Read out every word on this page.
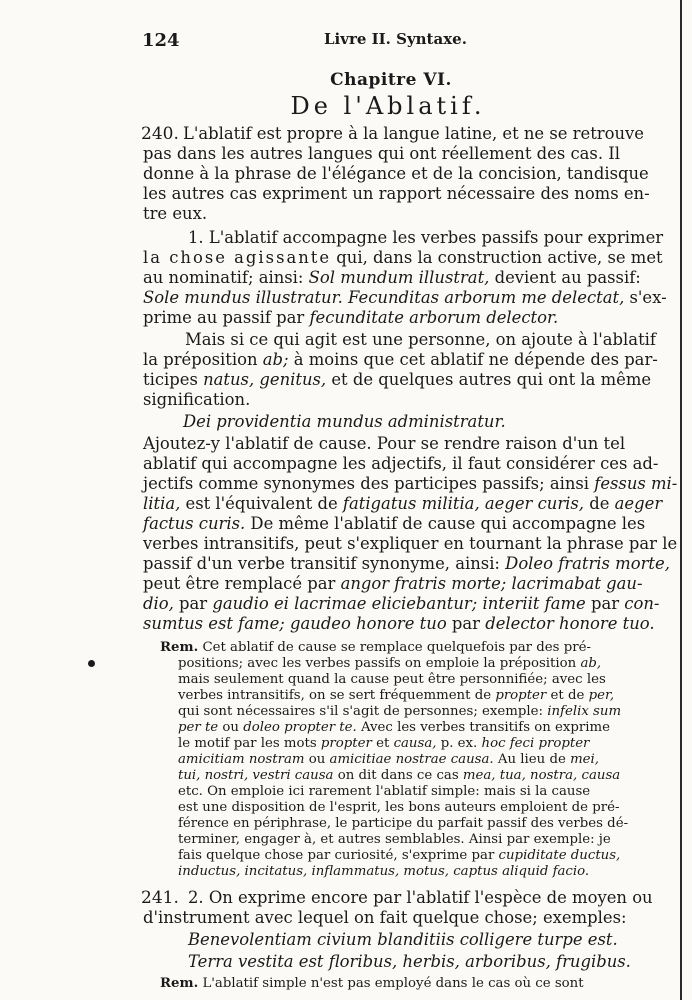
124	Livre II. Syntaxe.
Chapitre VI.
De l'Ablatif.
240. L'ablatif est propre à la langue latine, et ne se retrouve
pas dans les autres langues qui ont réellement des cas. Il
donne à la phrase de l'élégance et de la concision, tandisque
les autres cas expriment un rapport nécessaire des noms en-
tre eux.
1. L'ablatif accompagne les verbes passifs pour exprimer
la chose agissante qui, dans la construction active, se met
au nominatif; ainsi: Sol mundum illustrat, devient au passif:
Sole mundus illustratur. Fecunditas arborum me delectat, s'ex-
prime au passif par fecunditate arborum delector.
Mais si ce qui agit est une personne, on ajoute à l'ablatif
la préposition ab; à moins que cet ablatif ne dépende des par-
ticipes natus, genitus, et de quelques autres qui ont la même
signification.
Dei providentia mundus administratur.
Ajoutez-y l'ablatif de cause. Pour se rendre raison d'un tel
ablatif qui accompagne les adjectifs, il faut considérer ces ad-
jectifs comme synonymes des participes passifs; ainsi fessus mi-
litia, est l'équivalent de fatigatus militia, aeger curis, de aeger
factus curis. De même l'ablatif de cause qui accompagne les
verbes intransitifs, peut s'expliquer en tournant la phrase par le
passif d'un verbe transitif synonyme, ainsi: Doleo fratris morte,
peut être remplacé par angor fratris morte; lacrimabat gau-
dio, par gaudio ei lacrimae eliciebantur; interiit fame par con-
sumtus est fame; gaudeo honore tuo par delector honore tuo.
Rem. Cet ablatif de cause se remplace quelquefois par des pré-
positions; avec les verbes passifs on emploie la préposition ab,
mais seulement quand la cause peut être personnifiée; avec les
verbes intransitifs, on se sert fréquemment de propter et de per,
qui sont nécessaires s'il s'agit de personnes; exemple: infelix sum
per te ou doleo propter te. Avec les verbes transitifs on exprime
le motif par les mots propter et causa, p. ex. hoc feci propter
amicitiam nostram ou amicitiae nostrae causa. Au lieu de mei,
tui, nostri, vestri causa on dit dans ce cas mea, tua, nostra, causa
etc. On emploie ici rarement l'ablatif simple: mais si la cause
est une disposition de l'esprit, les bons auteurs emploient de pré-
férence en périphrase, le participe du parfait passif des verbes dé-
terminer, engager à, et autres semblables. Ainsi par exemple: je
fais quelque chose par curiosité, s'exprime par cupiditate ductus,
inductus, incitatus, inflammatus, motus, captus aliquid facio.
241. 2. On exprime encore par l'ablatif l'espèce de moyen ou
d'instrument avec lequel on fait quelque chose; exemples:
Benevolentiam civium blanditiis colligere turpe est.
Terra vestita est floribus, herbis, arboribus, frugibus.
Rem. L'ablatif simple n'est pas employé dans le cas où ce sont
